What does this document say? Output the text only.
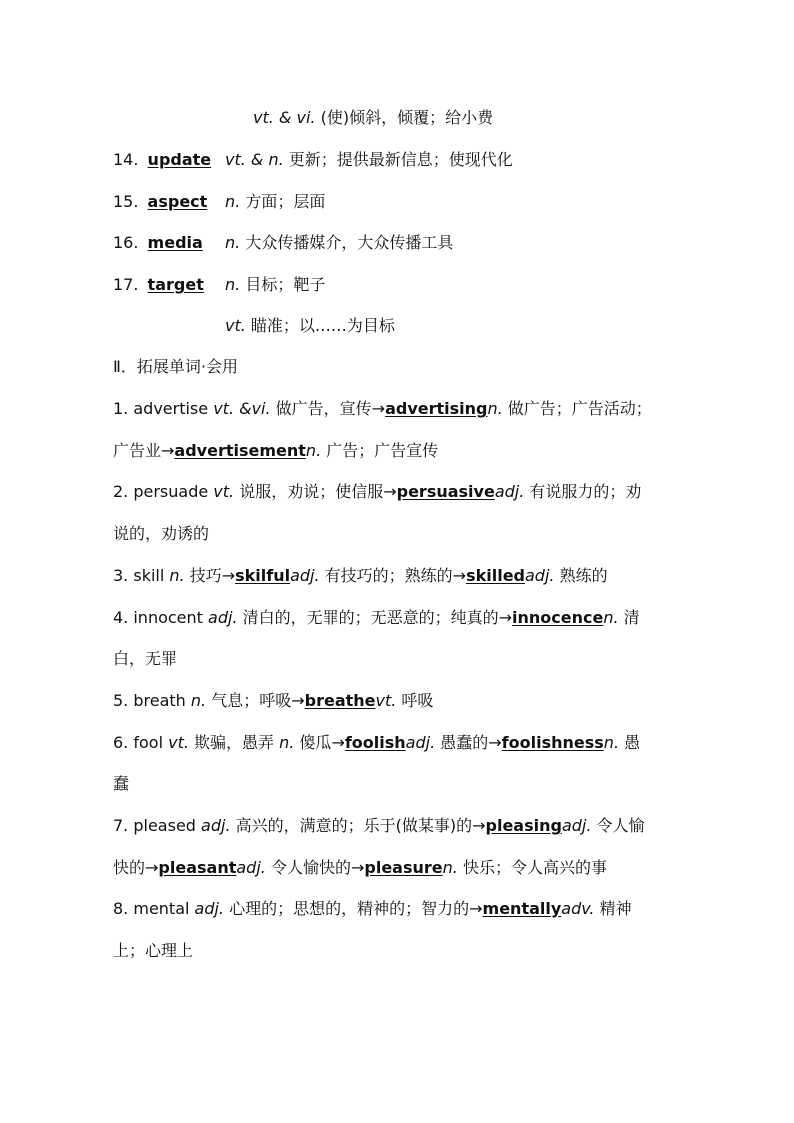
vt. & vi. (使)倾斜，倾覆；给小费
14. update vt. & n. 更新；提供最新信息；使现代化
15. aspect n. 方面；层面
16. media n. 大众传播媒介，大众传播工具
17. target n. 目标；靶子
vt. 瞄准；以……为目标
Ⅱ．拓展单词·会用
1. advertise vt. &vi. 做广告，宣传→advertisingn. 做广告；广告活动；
广告业→advertisementn. 广告；广告宣传
2. persuade vt. 说服，劝说；使信服→persuasiveadj. 有说服力的；劝
说的，劝诱的
3. skill n. 技巧→skilfuladj. 有技巧的；熟练的→skilledadj. 熟练的
4. innocent adj. 清白的，无罪的；无恶意的；纯真的→innocencen. 清
白，无罪
5. breath n. 气息；呼吸→breathevt. 呼吸
6. fool vt. 欺骗，愚弄 n. 傻瓜→foolishadj. 愚蠢的→foolishnessn. 愚
蠢
7. pleased adj. 高兴的，满意的；乐于(做某事)的→pleasingadj. 令人愉
快的→pleasantadj. 令人愉快的→pleasuren. 快乐；令人高兴的事
8. mental adj. 心理的；思想的，精神的；智力的→mentallyadv. 精神
上；心理上
